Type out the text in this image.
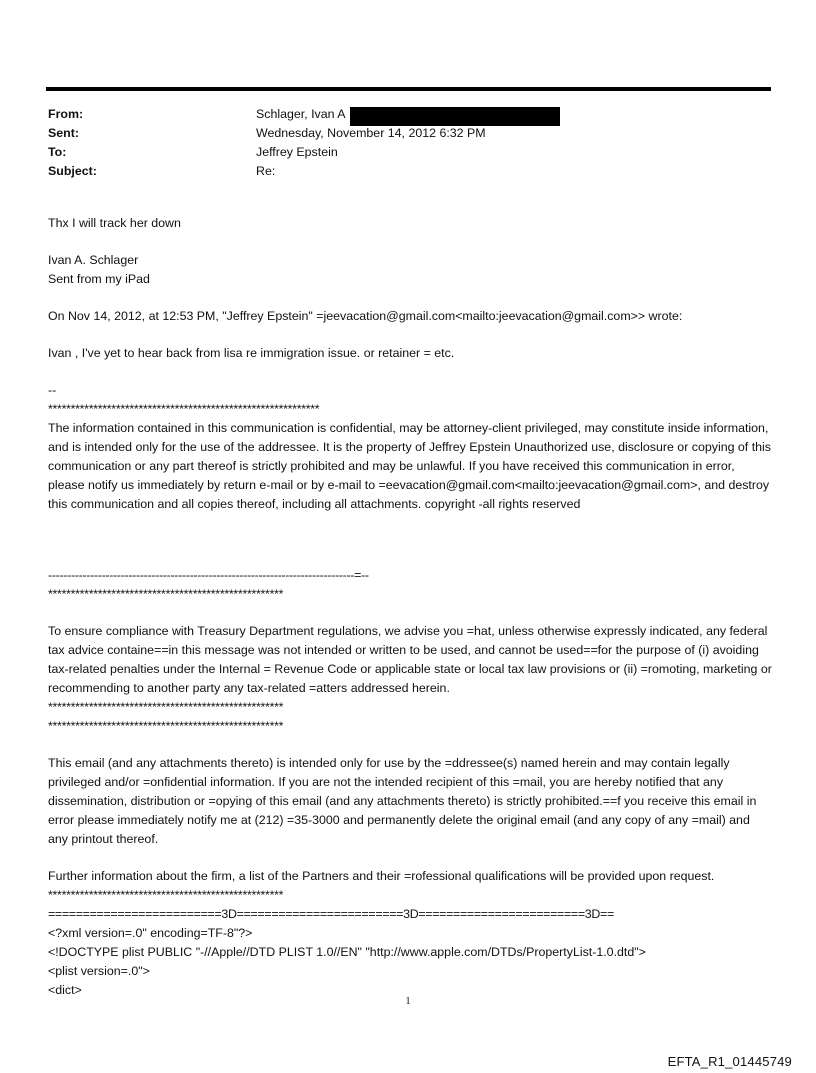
From:	Schlager, Ivan A
Sent:	Wednesday, November 14, 2012 6:32 PM
To:	Jeffrey Epstein
Subject:	Re:

Thx I will track her down

Ivan A. Schlager

Sent from my iPad

On Nov 14, 2012, at 12:53 PM, "Jeffrey Epstein" =jeevacation@gmail.com<mailto:jeevacation@gmail.com>> wrote:

Ivan , I've yet to hear back from lisa re immigration issue. or retainer = etc.

--

************************************************************

The information contained in this communication is confidential, may be attorney-client privileged, may constitute inside information, and is intended only for the use of the addressee. It is the property of Jeffrey Epstein Unauthorized use, disclosure or copying of this communication or any part thereof is strictly prohibited and may be unlawful. If you have received this communication in error, please notify us immediately by return e-mail or by e-mail to =eevacation@gmail.com<mailto:jeevacation@gmail.com>, and destroy this communication and all copies thereof, including all attachments. copyright -all rights reserved

--------------------------------------------------------------------------------=--

****************************************************

To ensure compliance with Treasury Department regulations, we advise you =hat, unless otherwise expressly indicated, any federal tax advice containe==in this message was not intended or written to be used, and cannot be used==for the purpose of (i) avoiding tax-related penalties under the Internal = Revenue Code or applicable state or local tax law provisions or (ii) =romoting, marketing or recommending to another party any tax-related =atters addressed herein.

****************************************************

****************************************************

This email (and any attachments thereto) is intended only for use by the =ddressee(s) named herein and may contain legally privileged and/or =onfidential information. If you are not the intended recipient of this =mail, you are hereby notified that any dissemination, distribution or =opying of this email (and any attachments thereto) is strictly prohibited.==f you receive this email in error please immediately notify me at (212) =35-3000 and permanently delete the original email (and any copy of any =mail) and any printout thereof.

Further information about the firm, a list of the Partners and their =rofessional qualifications will be provided upon request.

****************************************************

=========================3D========================3D========================3D==

<?xml version=.0" encoding=TF-8"?>

<!DOCTYPE plist PUBLIC "-//Apple//DTD PLIST 1.0//EN" "http://www.apple.com/DTDs/PropertyList-1.0.dtd">

<plist version=.0">

<dict>

1
EFTA_R1_01445749
